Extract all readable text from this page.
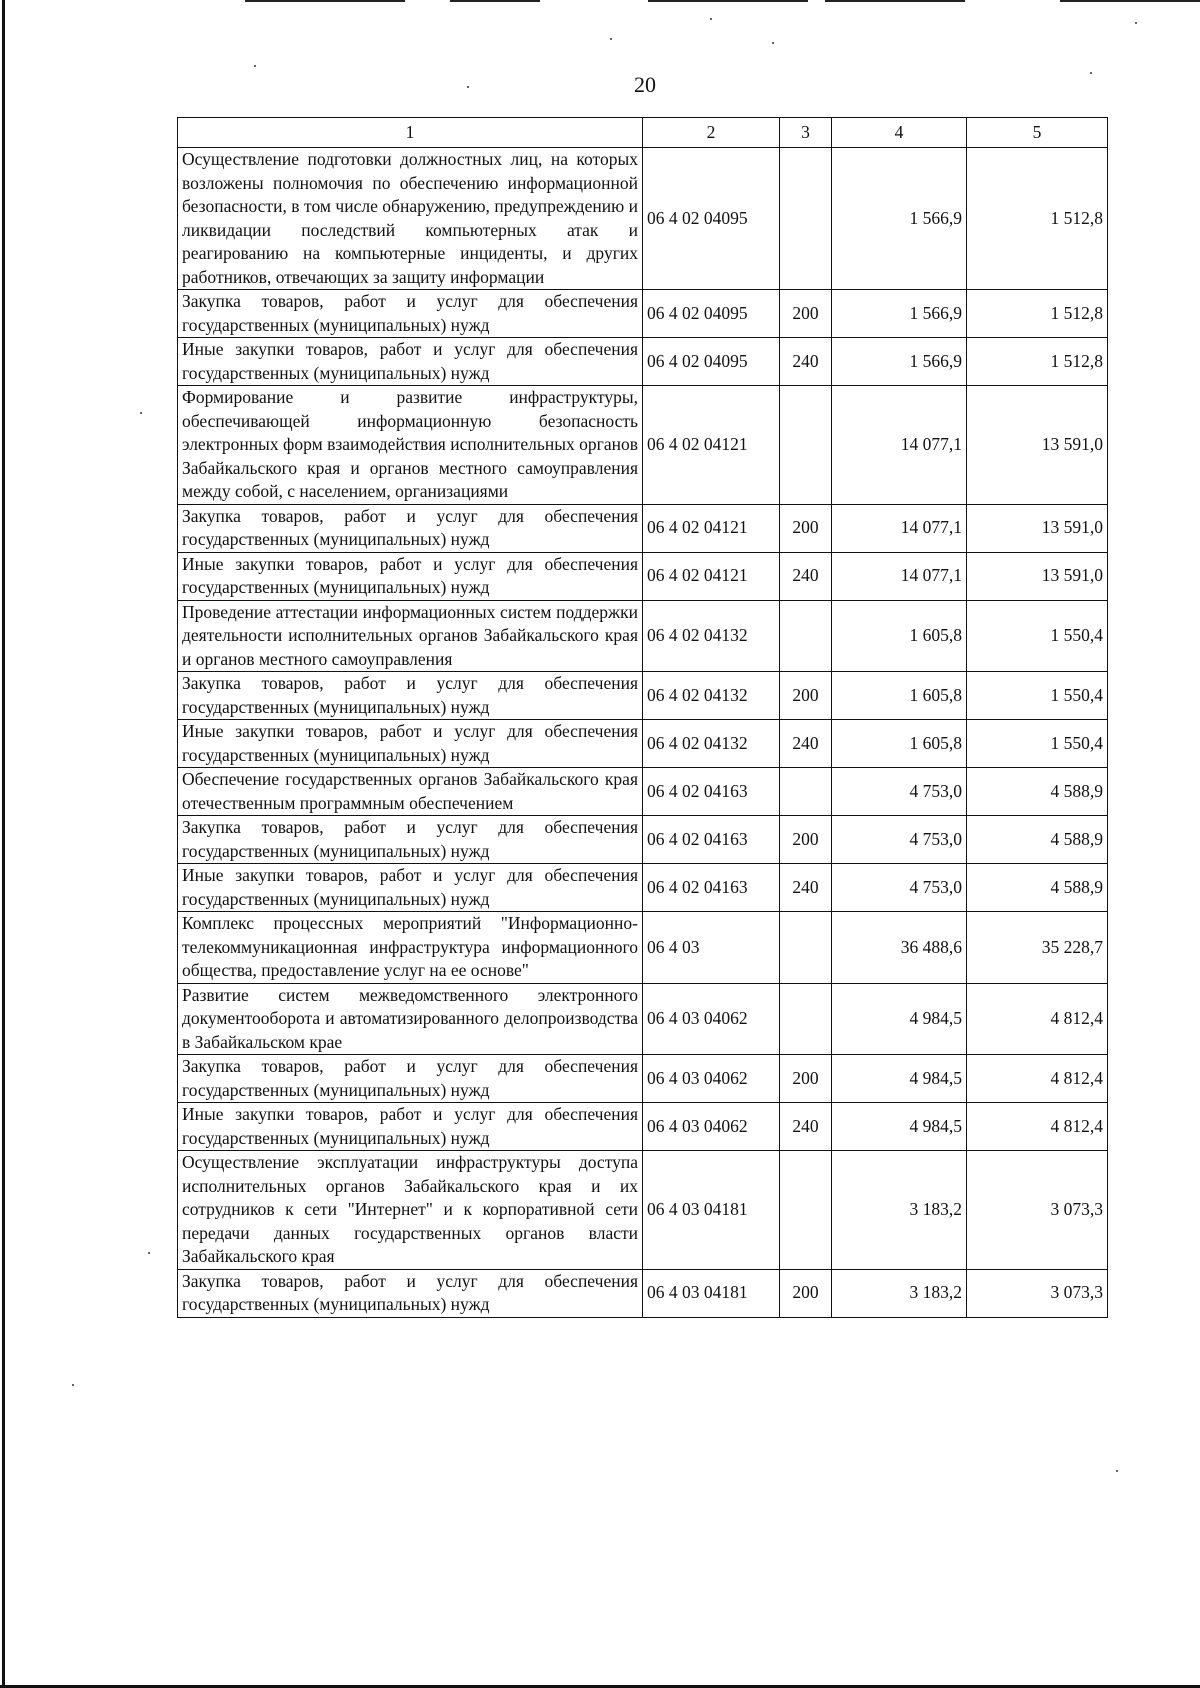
20
1	2	3	4	5
Осуществление подготовки должностных лиц, на которых возложены полномочия по обеспечению информационной безопасности, в том числе обнаружению, предупреждению и ликвидации последствий компьютерных атак и реагированию на компьютерные инциденты, и других работников, отвечающих за защиту информации	06 4 02 04095		1 566,9	1 512,8
Закупка товаров, работ и услуг для обеспечения государственных (муниципальных) нужд	06 4 02 04095	200	1 566,9	1 512,8
Иные закупки товаров, работ и услуг для обеспечения государственных (муниципальных) нужд	06 4 02 04095	240	1 566,9	1 512,8
Формирование и развитие инфраструктуры, обеспечивающей информационную безопасность электронных форм взаимодействия исполнительных органов Забайкальского края и органов местного самоуправления между собой, с населением, организациями	06 4 02 04121		14 077,1	13 591,0
Закупка товаров, работ и услуг для обеспечения государственных (муниципальных) нужд	06 4 02 04121	200	14 077,1	13 591,0
Иные закупки товаров, работ и услуг для обеспечения государственных (муниципальных) нужд	06 4 02 04121	240	14 077,1	13 591,0
Проведение аттестации информационных систем поддержки деятельности исполнительных органов Забайкальского края и органов местного самоуправления	06 4 02 04132		1 605,8	1 550,4
Закупка товаров, работ и услуг для обеспечения государственных (муниципальных) нужд	06 4 02 04132	200	1 605,8	1 550,4
Иные закупки товаров, работ и услуг для обеспечения государственных (муниципальных) нужд	06 4 02 04132	240	1 605,8	1 550,4
Обеспечение государственных органов Забайкальского края отечественным программным обеспечением	06 4 02 04163		4 753,0	4 588,9
Закупка товаров, работ и услуг для обеспечения государственных (муниципальных) нужд	06 4 02 04163	200	4 753,0	4 588,9
Иные закупки товаров, работ и услуг для обеспечения государственных (муниципальных) нужд	06 4 02 04163	240	4 753,0	4 588,9
Комплекс процессных мероприятий "Информационно-телекоммуникационная инфраструктура информационного общества, предоставление услуг на ее основе"	06 4 03		36 488,6	35 228,7
Развитие систем межведомственного электронного документооборота и автоматизированного делопроизводства в Забайкальском крае	06 4 03 04062		4 984,5	4 812,4
Закупка товаров, работ и услуг для обеспечения государственных (муниципальных) нужд	06 4 03 04062	200	4 984,5	4 812,4
Иные закупки товаров, работ и услуг для обеспечения государственных (муниципальных) нужд	06 4 03 04062	240	4 984,5	4 812,4
Осуществление эксплуатации инфраструктуры доступа исполнительных органов Забайкальского края и их сотрудников к сети "Интернет" и к корпоративной сети передачи данных государственных органов власти Забайкальского края	06 4 03 04181		3 183,2	3 073,3
Закупка товаров, работ и услуг для обеспечения государственных (муниципальных) нужд	06 4 03 04181	200	3 183,2	3 073,3
